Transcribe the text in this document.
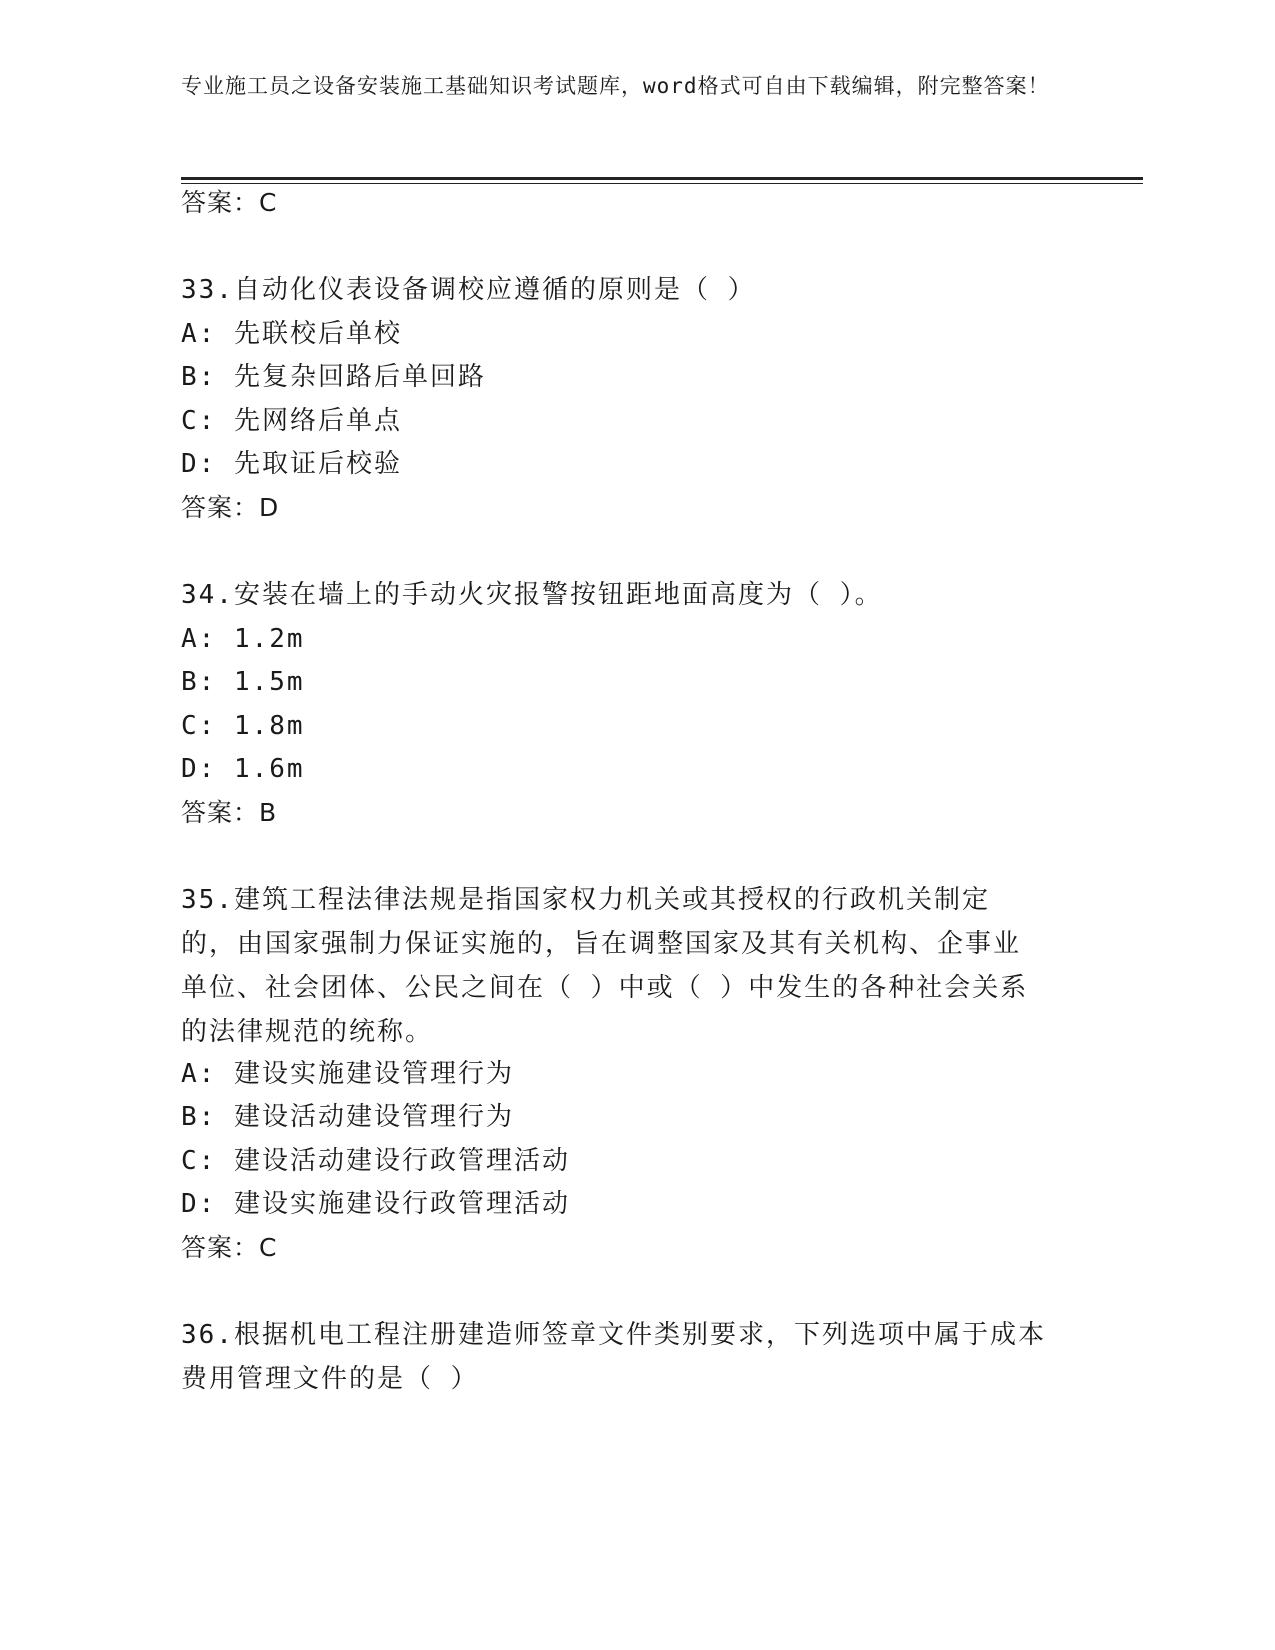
专业施工员之设备安装施工基础知识考试题库，word格式可自由下载编辑，附完整答案！
答案：C
33.自动化仪表设备调校应遵循的原则是（ ）
A: 先联校后单校
B: 先复杂回路后单回路
C: 先网络后单点
D: 先取证后校验
答案：D
34.安装在墙上的手动火灾报警按钮距地面高度为（ ）。
A: 1.2m
B: 1.5m
C: 1.8m
D: 1.6m
答案：B
35.建筑工程法律法规是指国家权力机关或其授权的行政机关制定的，由国家强制力保证实施的，旨在调整国家及其有关机构、企事业单位、社会团体、公民之间在（ ）中或（ ）中发生的各种社会关系的法律规范的统称。
A: 建设实施建设管理行为
B: 建设活动建设管理行为
C: 建设活动建设行政管理活动
D: 建设实施建设行政管理活动
答案：C
36.根据机电工程注册建造师签章文件类别要求，下列选项中属于成本费用管理文件的是（ ）
